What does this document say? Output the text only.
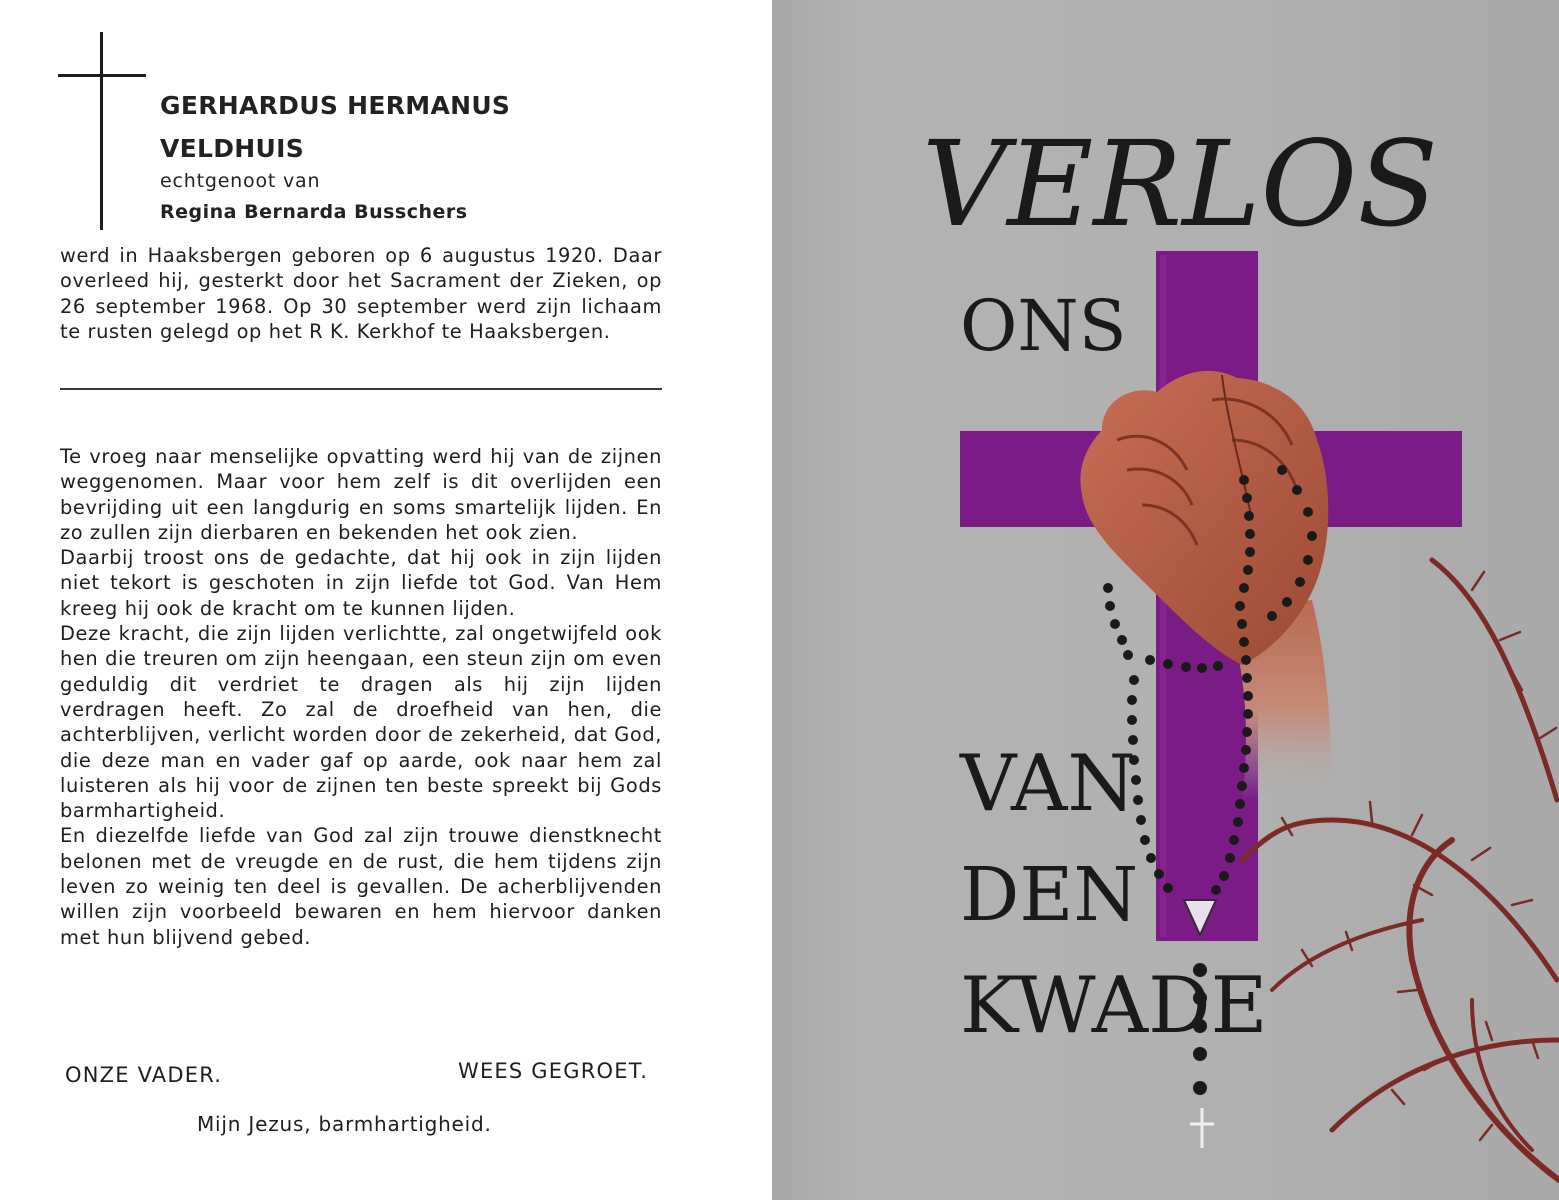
GERHARDUS HERMANUS
VELDHUIS
echtgenoot van
Regina Bernarda Busschers

werd in Haaksbergen geboren op 6 augustus 1920. Daar overleed hij, gesterkt door het Sacrament der Zieken, op 26 september 1968. Op 30 september werd zijn lichaam te rusten gelegd op het R K. Kerkhof te Haaksbergen.

Te vroeg naar menselijke opvatting werd hij van de zijnen weggenomen. Maar voor hem zelf is dit overlijden een bevrijding uit een langdurig en soms smartelijk lijden. En zo zullen zijn dierbaren en bekenden het ook zien.

Daarbij troost ons de gedachte, dat hij ook in zijn lijden niet tekort is geschoten in zijn liefde tot God. Van Hem kreeg hij ook de kracht om te kunnen lijden.

Deze kracht, die zijn lijden verlichtte, zal ongetwijfeld ook hen die treuren om zijn heengaan, een steun zijn om even geduldig dit verdriet te dragen als hij zijn lijden verdragen heeft. Zo zal de droefheid van hen, die achterblijven, verlicht worden door de zekerheid, dat God, die deze man en vader gaf op aarde, ook naar hem zal luisteren als hij voor de zijnen ten beste spreekt bij Gods barmhartigheid.

En diezelfde liefde van God zal zijn trouwe dienstknecht belonen met de vreugde en de rust, die hem tijdens zijn leven zo weinig ten deel is gevallen. De acherblijvenden willen zijn voorbeeld bewaren en hem hiervoor danken met hun blijvend gebed.

ONZE VADER.	WEES GEGROET.
Mijn Jezus, barmhartigheid.
VERLOS
ONS
VAN
DEN
KWADE
